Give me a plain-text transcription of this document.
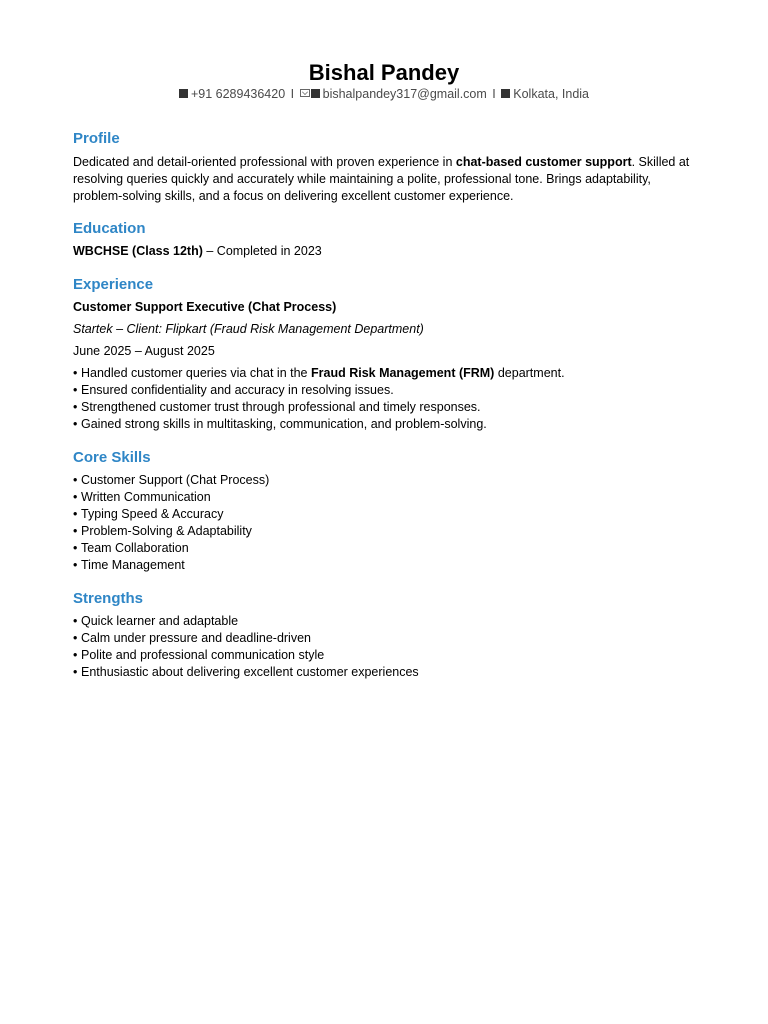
Bishal Pandey
+91 6289436420 I bishalpandey317@gmail.com I Kolkata, India
Profile

Dedicated and detail-oriented professional with proven experience in chat-based customer support. Skilled at resolving queries quickly and accurately while maintaining a polite, professional tone. Brings adaptability, problem-solving skills, and a focus on delivering excellent customer experience.

Education

WBCHSE (Class 12th) – Completed in 2023

Experience

Customer Support Executive (Chat Process)

Startek – Client: Flipkart (Fraud Risk Management Department)

June 2025 – August 2025

• Handled customer queries via chat in the Fraud Risk Management (FRM) department.

• Ensured confidentiality and accuracy in resolving issues.

• Strengthened customer trust through professional and timely responses.

• Gained strong skills in multitasking, communication, and problem-solving.

Core Skills

• Customer Support (Chat Process)

• Written Communication

• Typing Speed & Accuracy

• Problem-Solving & Adaptability

• Team Collaboration

• Time Management

Strengths

• Quick learner and adaptable

• Calm under pressure and deadline-driven

• Polite and professional communication style

• Enthusiastic about delivering excellent customer experiences
